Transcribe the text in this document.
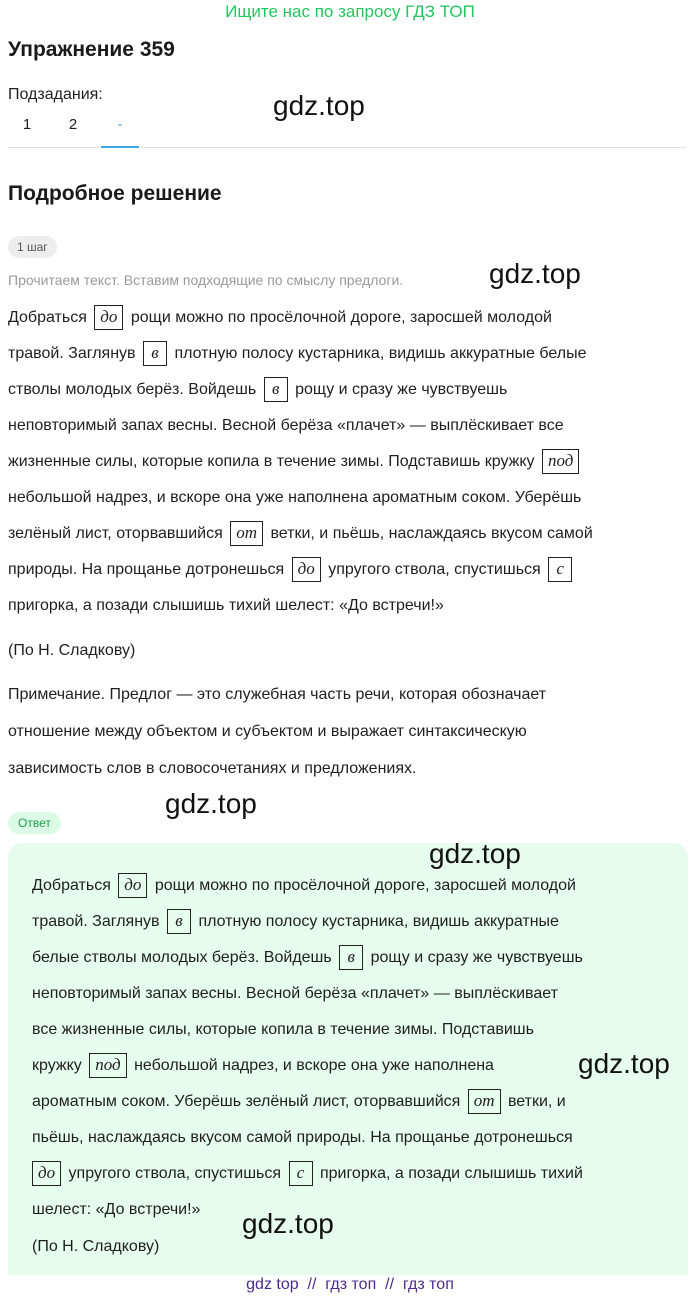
Ищите нас по запросу ГДЗ ТОП
Упражнение 359
Подзадания:
1	2	-
gdz.top
Подробное решение
1 шаг
Прочитаем текст. Вставим подходящие по смыслу предлоги.	gdz.top
Добраться до рощи можно по просёлочной дороге, заросшей молодой
травой. Заглянув в плотную полосу кустарника, видишь аккуратные белые
стволы молодых берёз. Войдешь в рощу и сразу же чувствуешь
неповторимый запах весны. Весной берёза «плачет» — выплёскивает все
жизненные силы, которые копила в течение зимы. Подставишь кружку под
небольшой надрез, и вскоре она уже наполнена ароматным соком. Уберёшь
зелёный лист, оторвавшийся от ветки, и пьёшь, наслаждаясь вкусом самой
природы. На прощанье дотронешься до упругого ствола, спустишься с
пригорка, а позади слышишь тихий шелест: «До встречи!»
(По Н. Сладкову)
Примечание. Предлог — это служебная часть речи, которая обозначает
отношение между объектом и субъектом и выражает синтаксическую
зависимость слов в словосочетаниях и предложениях.
gdz.top
Ответ
gdz.top
Добраться до рощи можно по просёлочной дороге, заросшей молодой
травой. Заглянув в плотную полосу кустарника, видишь аккуратные
белые стволы молодых берёз. Войдешь в рощу и сразу же чувствуешь
неповторимый запах весны. Весной берёза «плачет» — выплёскивает
все жизненные силы, которые копила в течение зимы. Подставишь
кружку под небольшой надрез, и вскоре она уже наполнена
ароматным соком. Уберёшь зелёный лист, оторвавшийся от ветки, и
пьёшь, наслаждаясь вкусом самой природы. На прощанье дотронешься
до упругого ствола, спустишься с пригорка, а позади слышишь тихий
шелест: «До встречи!»
gdz.top
gdz.top
(По Н. Сладкову)
gdz top  //  гдз топ  //  гдз топ
